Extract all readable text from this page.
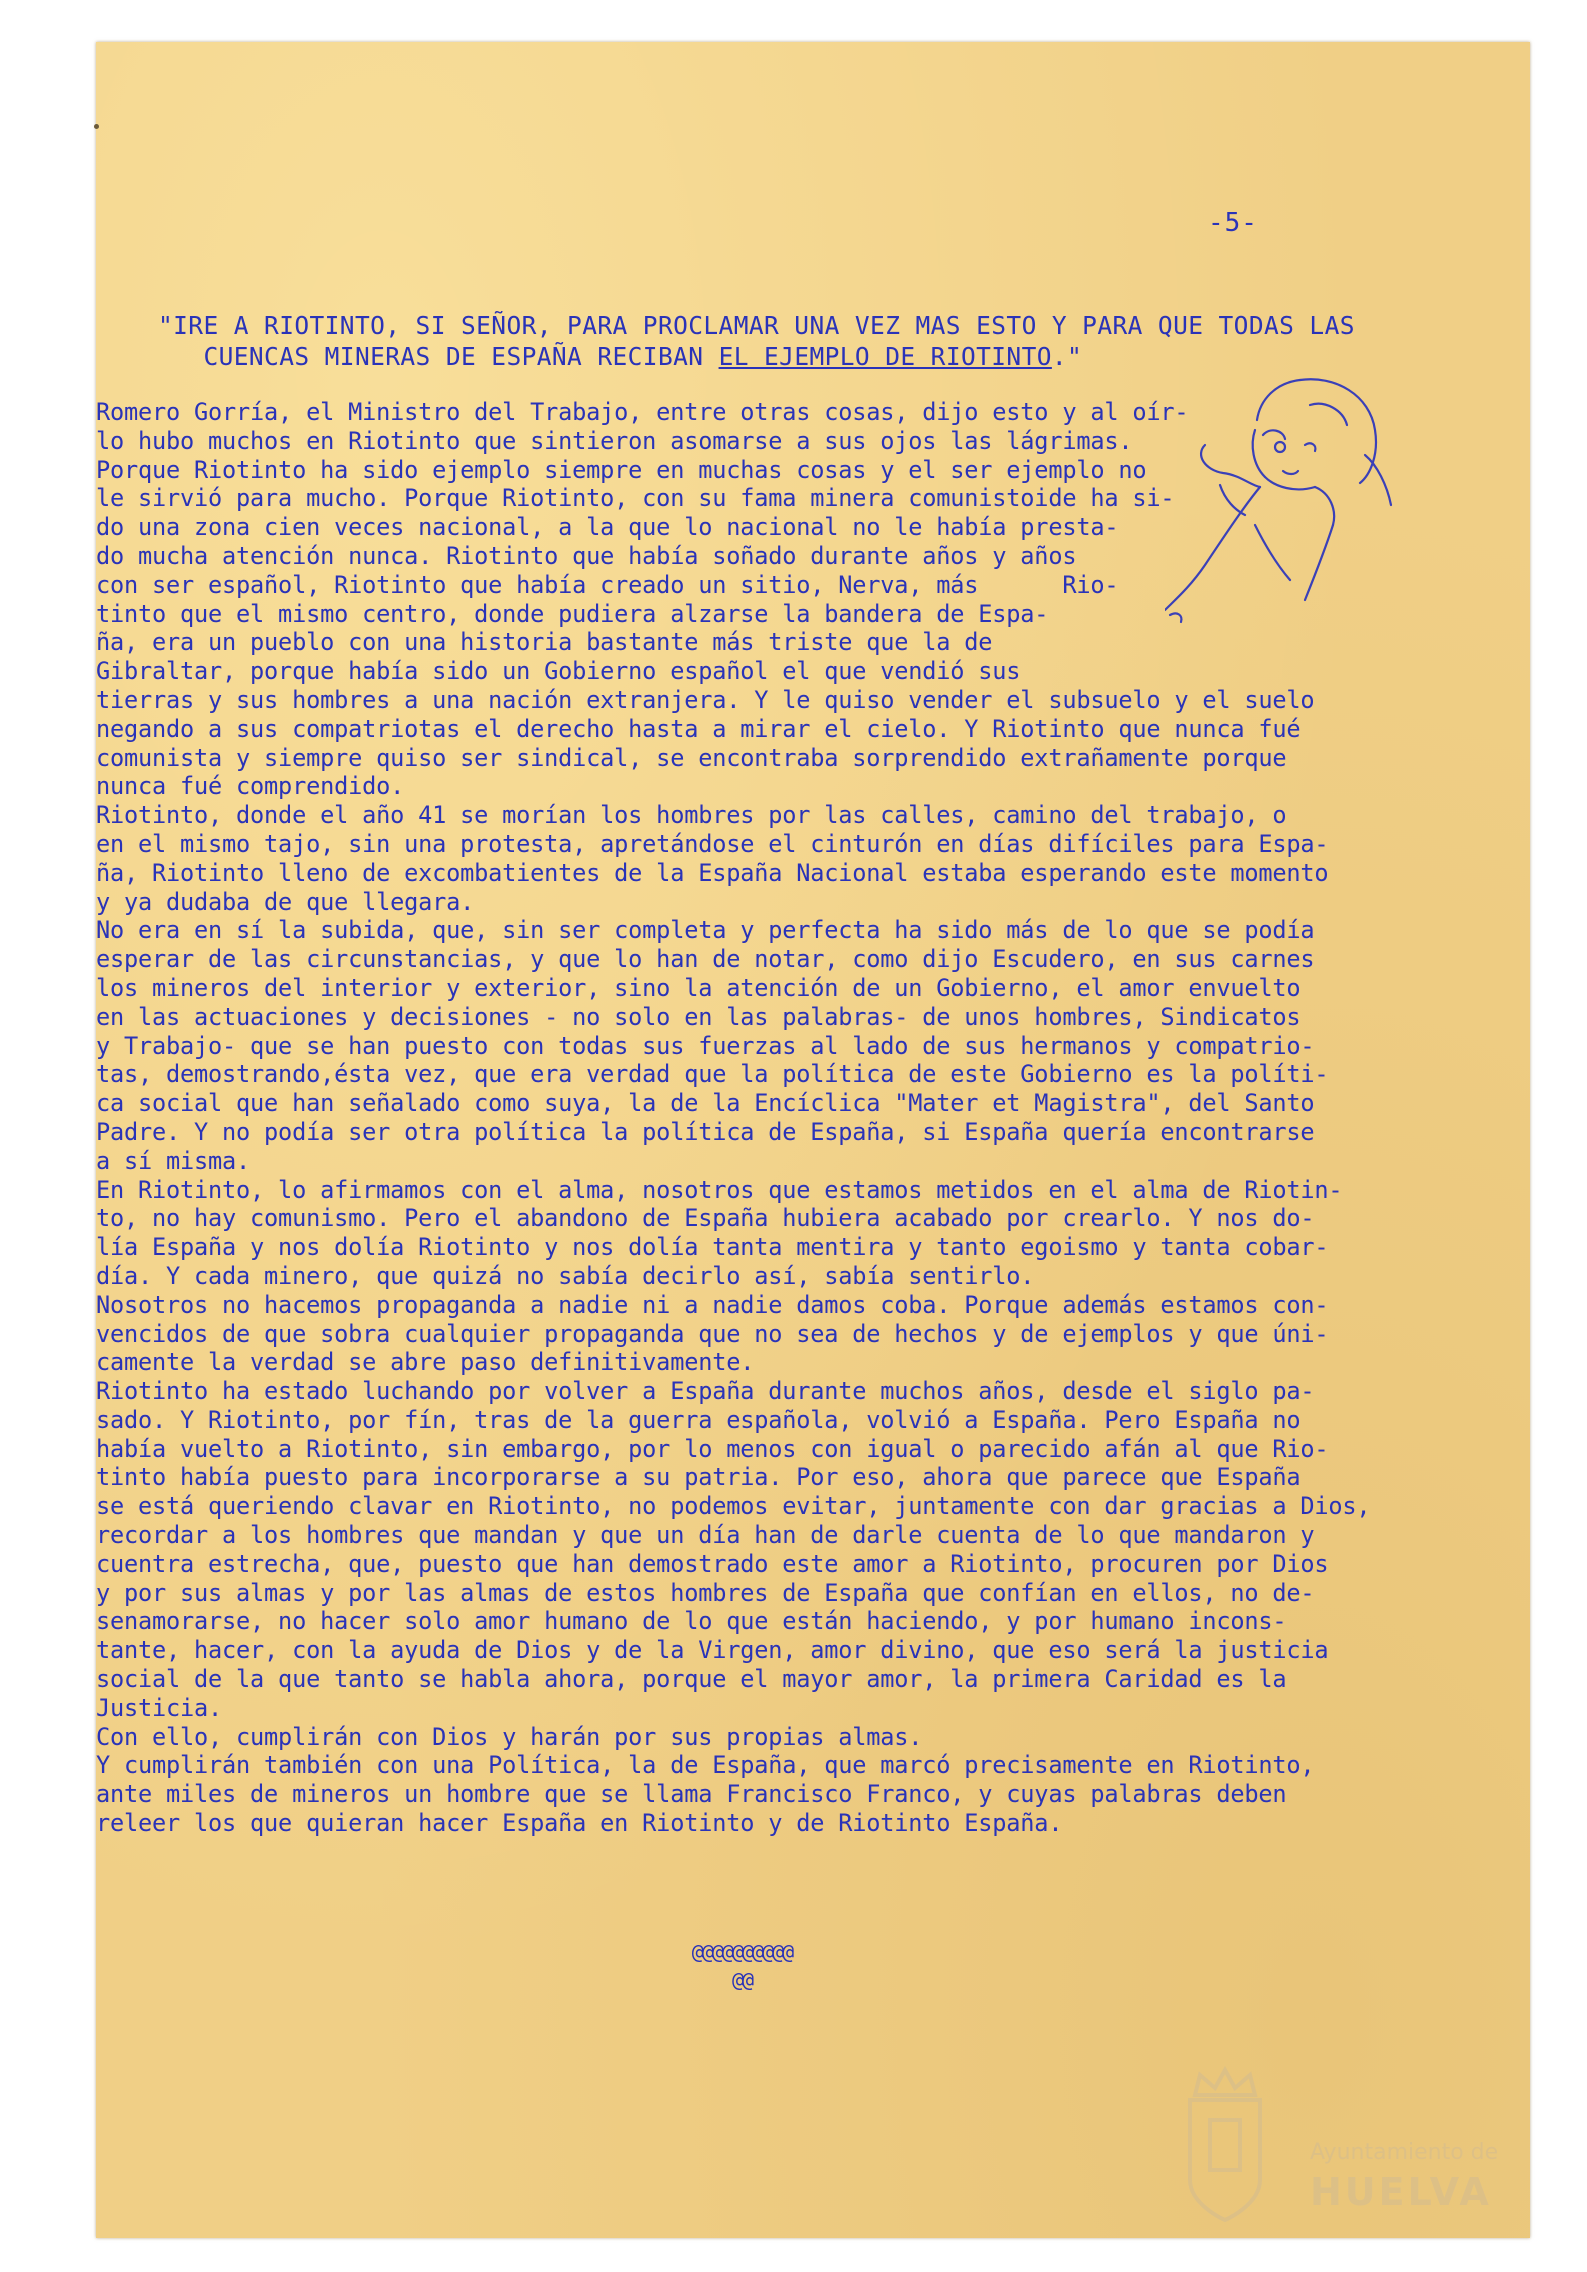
-5-
"IRE A RIOTINTO, SI SEÑOR, PARA PROCLAMAR UNA VEZ MAS ESTO Y PARA QUE TODAS LAS
CUENCAS MINERAS DE ESPAÑA RECIBAN EL EJEMPLO DE RIOTINTO."
Romero Gorría, el Ministro del Trabajo, entre otras cosas, dijo esto y al oír-
lo hubo muchos en Riotinto que sintieron asomarse a sus ojos las lágrimas.
Porque Riotinto ha sido ejemplo siempre en muchas cosas y el ser ejemplo no
le sirvió para mucho. Porque Riotinto, con su fama minera comunistoide ha si-
do una zona cien veces nacional, a la que lo nacional no le había presta-
do mucha atención nunca. Riotinto que había soñado durante años y años
con ser español, Riotinto que había creado un sitio, Nerva, más      Rio-
tinto que el mismo centro, donde pudiera alzarse la bandera de Espa-
ña, era un pueblo con una historia bastante más triste que la de
Gibraltar, porque había sido un Gobierno español el que vendió sus
tierras y sus hombres a una nación extranjera. Y le quiso vender el subsuelo y el suelo
negando a sus compatriotas el derecho hasta a mirar el cielo. Y Riotinto que nunca fué
comunista y siempre quiso ser sindical, se encontraba sorprendido extrañamente porque
nunca fué comprendido.
Riotinto, donde el año 41 se morían los hombres por las calles, camino del trabajo, o
en el mismo tajo, sin una protesta, apretándose el cinturón en días difíciles para Espa-
ña, Riotinto lleno de excombatientes de la España Nacional estaba esperando este momento
y ya dudaba de que llegara.
No era en sí la subida, que, sin ser completa y perfecta ha sido más de lo que se podía
esperar de las circunstancias, y que lo han de notar, como dijo Escudero, en sus carnes
los mineros del interior y exterior, sino la atención de un Gobierno, el amor envuelto
en las actuaciones y decisiones - no solo en las palabras- de unos hombres, Sindicatos
y Trabajo- que se han puesto con todas sus fuerzas al lado de sus hermanos y compatrio-
tas, demostrando,ésta vez, que era verdad que la política de este Gobierno es la políti-
ca social que han señalado como suya, la de la Encíclica "Mater et Magistra", del Santo
Padre. Y no podía ser otra política la política de España, si España quería encontrarse
a sí misma.
En Riotinto, lo afirmamos con el alma, nosotros que estamos metidos en el alma de Riotin-
to, no hay comunismo. Pero el abandono de España hubiera acabado por crearlo. Y nos do-
lía España y nos dolía Riotinto y nos dolía tanta mentira y tanto egoismo y tanta cobar-
día. Y cada minero, que quizá no sabía decirlo así, sabía sentirlo.
Nosotros no hacemos propaganda a nadie ni a nadie damos coba. Porque además estamos con-
vencidos de que sobra cualquier propaganda que no sea de hechos y de ejemplos y que úni-
camente la verdad se abre paso definitivamente.
Riotinto ha estado luchando por volver a España durante muchos años, desde el siglo pa-
sado. Y Riotinto, por fín, tras de la guerra española, volvió a España. Pero España no
había vuelto a Riotinto, sin embargo, por lo menos con igual o parecido afán al que Rio-
tinto había puesto para incorporarse a su patria. Por eso, ahora que parece que España
se está queriendo clavar en Riotinto, no podemos evitar, juntamente con dar gracias a Dios,
recordar a los hombres que mandan y que un día han de darle cuenta de lo que mandaron y
cuentra estrecha, que, puesto que han demostrado este amor a Riotinto, procuren por Dios
y por sus almas y por las almas de estos hombres de España que confían en ellos, no de-
senamorarse, no hacer solo amor humano de lo que están haciendo, y por humano incons-
tante, hacer, con la ayuda de Dios y de la Virgen, amor divino, que eso será la justicia
social de la que tanto se habla ahora, porque el mayor amor, la primera Caridad es la
Justicia.
Con ello, cumplirán con Dios y harán por sus propias almas.
Y cumplirán también con una Política, la de España, que marcó precisamente en Riotinto,
ante miles de mineros un hombre que se llama Francisco Franco, y cuyas palabras deben
releer los que quieran hacer España en Riotinto y de Riotinto España.
@@@@@@@@@@
@@
Ayuntamiento de
HUELVA
